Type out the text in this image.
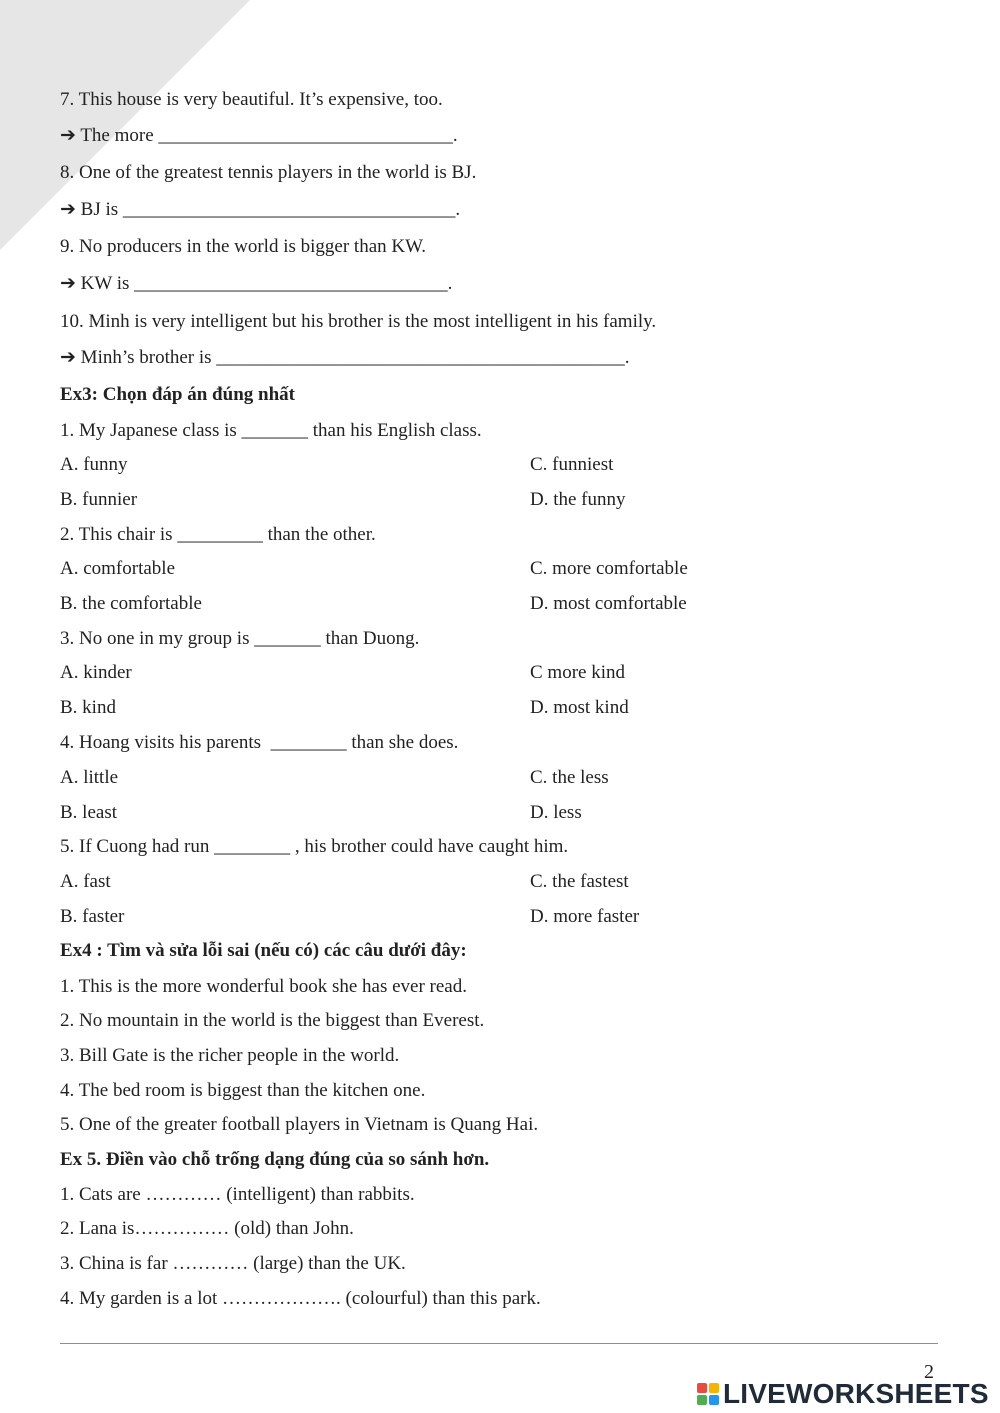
7. This house is very beautiful. It’s expensive, too.
➔ The more _______________________________.
8. One of the greatest tennis players in the world is BJ.
➔ BJ is ___________________________________.
9. No producers in the world is bigger than KW.
➔ KW is _________________________________.
10. Minh is very intelligent but his brother is the most intelligent in his family.
➔ Minh’s brother is ___________________________________________.
Ex3: Chọn đáp án đúng nhất
1. My Japanese class is _______ than his English class.
A. funny	C. funniest
B. funnier	D. the funny
2. This chair is _________ than the other.
A. comfortable	C. more comfortable
B. the comfortable	D. most comfortable
3. No one in my group is _______ than Duong.
A. kinder	C more kind
B. kind	D. most kind
4. Hoang visits his parents  ________ than she does.
A. little	C. the less
B. least	D. less
5. If Cuong had run ________ , his brother could have caught him.
A. fast	C. the fastest
B. faster	D. more faster
Ex4 : Tìm và sửa lỗi sai (nếu có) các câu dưới đây:
1. This is the more wonderful book she has ever read.
2. No mountain in the world is the biggest than Everest.
3. Bill Gate is the richer people in the world.
4. The bed room is biggest than the kitchen one.
5. One of the greater football players in Vietnam is Quang Hai.
Ex 5. Điền vào chỗ trống dạng đúng của so sánh hơn.
1. Cats are ………… (intelligent) than rabbits.
2. Lana is…………… (old) than John.
3. China is far ………… (large) than the UK.
4. My garden is a lot ………………. (colourful) than this park.
2
LIVEWORKSHEETS
